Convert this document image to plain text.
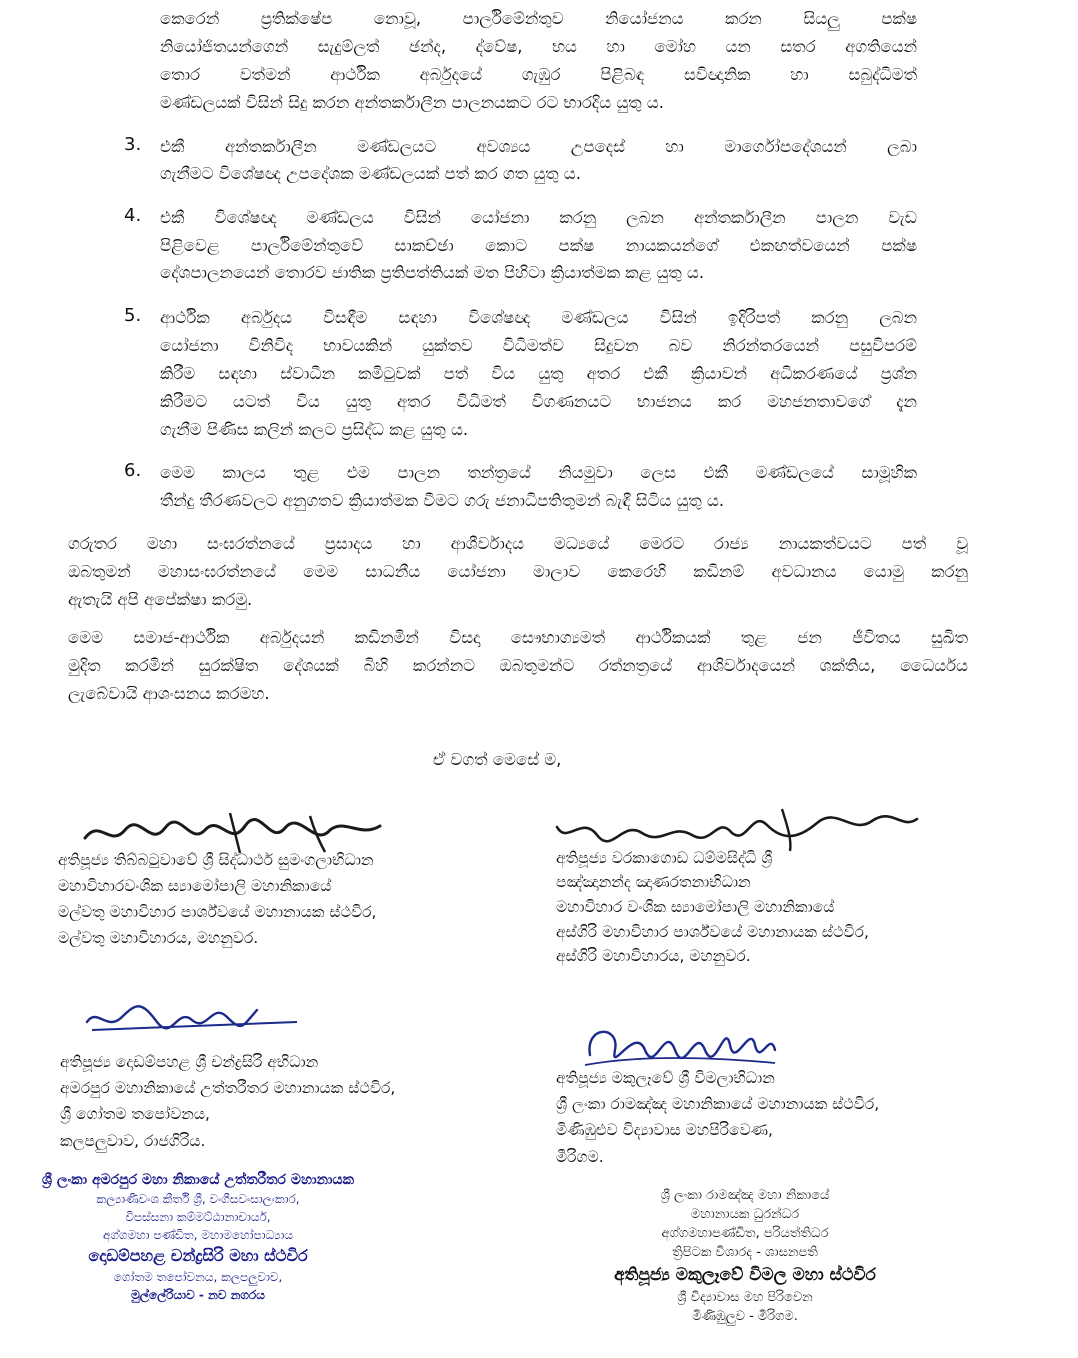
කෙරෙන් ප්‍රතික්ෂේප නොවූ, පාර්ලිමේන්තුව නියෝජනය කරන සියලු පක්ෂ
නියෝජිතයන්ගෙන් සැදුම්ලත් ඡන්ද, ද්වේෂ, භය හා මෝහ යන සතර අගතියෙන්
තොර වත්මන් ආර්ථික අර්බුදයේ ගැඹුර පිළිබඳ සවිඥානික හා සබුද්ධිමත්
මණ්ඩලයක් විසින් සිදු කරන අන්තර්කාලීන පාලනයකට රට භාරදිය යුතු ය.
3. එකී අන්තර්කාලීන මණ්ඩලයට අවශ්‍යය උපදෙස් හා මාර්ගෝපදේශයන් ලබා
ගැනීමට විශේෂඥ උපදේශක මණ්ඩලයක් පත් කර ගත යුතු ය.
4. එකී විශේෂඥ මණ්ඩලය විසින් යෝජනා කරනු ලබන අන්තර්කාලීන පාලන වැඩ
පිළිවෙළ පාර්ලිමේන්තුවේ සාකච්ඡා කොට පක්ෂ නායකයන්ගේ එකඟත්වයෙන් පක්ෂ
දේශපාලනයෙන් තොරව ජාතික ප්‍රතිපත්තියක් මත පිහිටා ක්‍රියාත්මක කළ යුතු ය.
5. ආර්ථික අර්බුදය විසඳීම සඳහා විශේෂඥ මණ්ඩලය විසින් ඉදිරිපත් කරනු ලබන
යෝජනා විනිවිද භාවයකින් යුක්තව විධිමත්ව සිදුවන බව නිරන්තරයෙන් පසුවිපරම්
කිරීම සඳහා ස්වාධීන කමිටුවක් පත් විය යුතු අතර එකී ක්‍රියාවන් අධිකරණයේ ප්‍රශ්න
කිරීමට යටත් විය යුතු අතර විධිමත් විගණනයට භාජනය කර මහජනතාවගේ දැන
ගැනීම පිණිස කලින් කලට ප්‍රසිද්ධ කළ යුතු ය.
6. මෙම කාලය තුළ එම පාලන තන්ත්‍රයේ නියමුවා ලෙස එකී මණ්ඩලයේ සාමූහික
තීන්දු තීරණවලට අනුගතව ක්‍රියාත්මක වීමට ගරු ජනාධිපතිතුමන් බැඳී සිටිය යුතු ය.
ගරුතර මහා සංඝරත්නයේ ප්‍රසාදය හා ආශීර්වාදය මධ්‍යයේ මෙරට රාජ්‍ය නායකත්වයට පත් වූ
ඔබතුමන් මහාසංඝරත්නයේ මෙම සාධනීය යෝජනා මාලාව කෙරෙහි කඩිනම් අවධානය යොමු කරනු
ඇතැයි අපි අපේක්ෂා කරමු.
මෙම සමාජ-ආර්ථික අර්බුදයන් කඩිනමින් විසදා සෞභාග්‍යමත් ආර්ථිකයක් තුළ ජන ජීවිතය සුඛිත
මුදිත කරමින් සුරක්ෂිත දේශයක් බිහි කරන්නට ඔබතුමන්ට රත්නත්‍රයේ ආශිර්වාදයෙන් ශක්තිය, ධෛර්යය
ලැබේවායි ආශංසනය කරමහ.
ඒ වගත් මෙසේ ම,
අතිපූජ්‍ය තිබ්බටුවාවේ ශ්‍රී සිද්ධාර්ථ සුමංගලාභිධාන
මහාවිහාරවංශික ස්‍යාමෝපාලි මහානිකායේ
මල්වතු මහාවිහාර පාර්ශ්වයේ මහානායක ස්ථවිර,
මල්වතු මහාවිහාරය, මහනුවර.
අතිපූජ්‍ය වරකාගොඩ ධම්මසිද්ධි ශ්‍රී
පඤ්ඤානන්ද ඤාණරතනාභිධාන
මහාවිහාර වංශික ස්‍යාමෝපාලි මහානිකායේ
අස්ගිරි මහාවිහාර පාර්ශ්වයේ මහානායක ස්ථවිර,
අස්ගිරි මහාවිහාරය, මහනුවර.
අතිපූජ්‍ය දොඩම්පහළ ශ්‍රී චන්ද්‍රසිරි අභිධාන
අමරපුර මහානිකායේ උත්තරීතර මහානායක ස්ථවිර,
ශ්‍රී ගෝතම තපෝවනය,
කලපලුවාව, රාජගිරිය.
අතිපූජ්‍ය මකුලෑවේ ශ්‍රී විමලාභිධාන
ශ්‍රී ලංකා රාමඤ්ඤ මහානිකායේ මහානායක ස්ථවිර,
මිණිඹුළුව විද්‍යාවාස මහපිරිවෙණ,
මීරිගම.
ශ්‍රී ලංකා අමරපුර මහා නිකායේ උත්තරීතර මහානායක
කල්‍යාණීවංශ කීර්ති ශ්‍රී, වංගීසවංසාලංකාර,
විපස්සනා කම්මට්ඨානාචාර්ය,
අග්ගමහා පණ්ඩිත, මහාමහෝපාධ්‍යාය
දොඩම්පහළ චන්ද්‍රසිරි මහා ස්ථවිර
ගෝතම තපෝවනය, කලපලුවාව,
මුල්ලේරියාව - නව නගරය
ශ්‍රී ලංකා රාමඤ්ඤ මහා නිකායේ
මහානායක ධුරන්ධර
අග්ගමහාපණ්ඩිත, පරියත්තිධර
ත්‍රිපිටක විශාරද - ශාසනපති
අතිපූජ්‍ය මකුලෑවේ විමල මහා ස්ථවිර
ශ්‍රී විද්‍යාවාස මහ පිරිවෙන
මිණිඹුලුව - මීරිගම.
